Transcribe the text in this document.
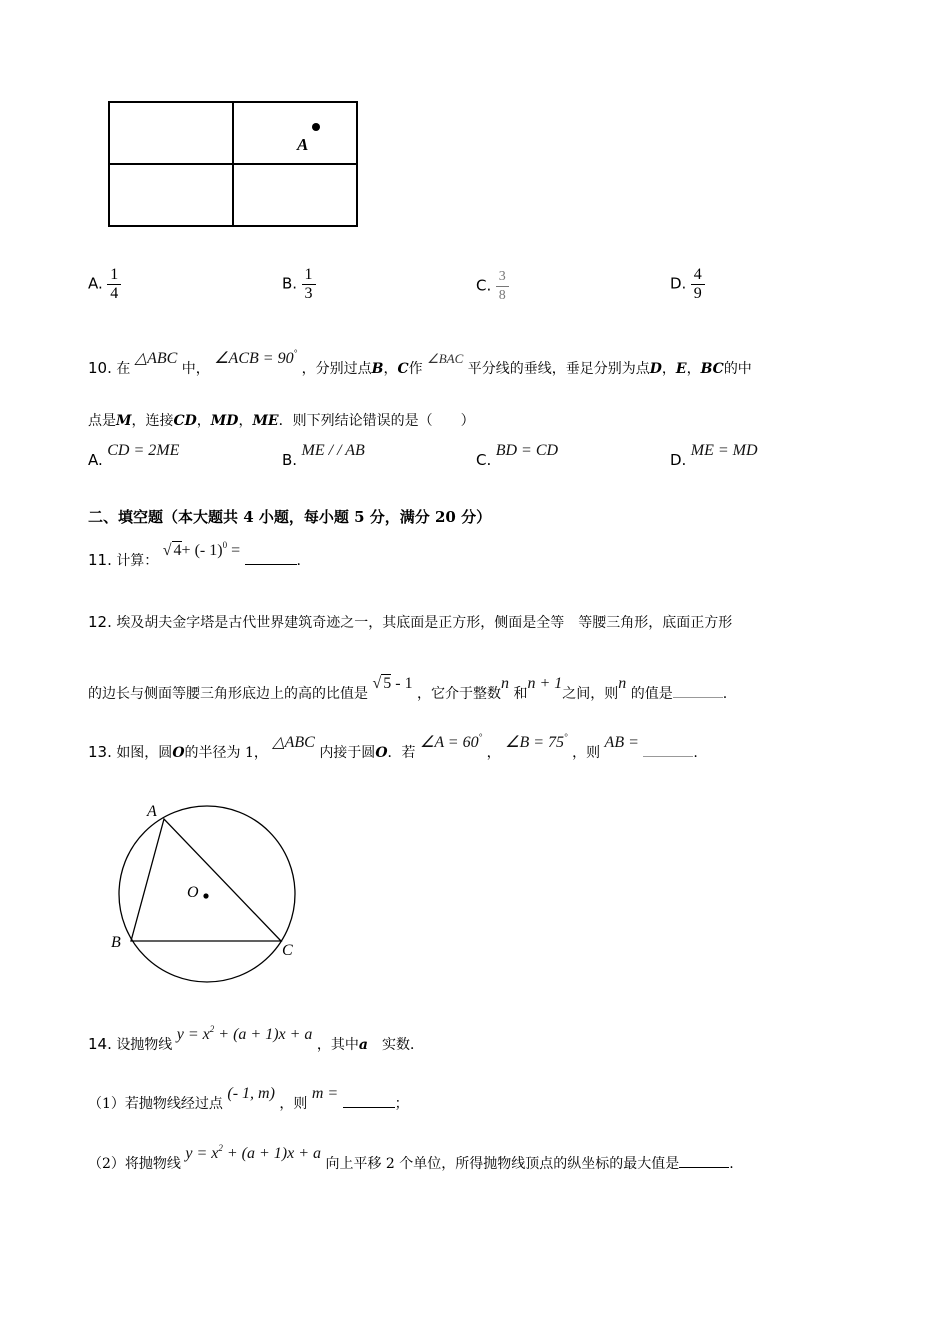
A
A. $\frac{1}{4}$	B. $\frac{1}{3}$	C. $\frac{3}{8}$	D. $\frac{4}{9}$
10. 在 △ABC 中， ∠ACB = 90° ，分别过点B，C作 ∠BAC 平分线的垂线，垂足分别为点D，E，BC的中
点是M，连接CD，MD，ME．则下列结论错误的是（　　）
A. CD = 2ME
B. ME / / AB
C. BD = CD
D. ME = MD
二、填空题（本大题共 4 小题，每小题 5 分，满分 20 分）
11. 计算： √ 4+ (- 1)$^0$ = .
12. 埃及胡夫金字塔是古代世界建筑奇迹之一，其底面是正方形，侧面是全等　等腰三角形，底面正方形
的边长与侧面等腰三角形底边上的高的比值是 √ 5 - 1 ，它介于整数n 和n + 1之间，则n 的值是	.
13. 如图，圆O的半径为 1， △ABC 内接于圆O．若 ∠A = 60° ， ∠B = 75° ，则 AB = .
A
B	C
O
14. 设抛物线 $y = x^2 + (a + 1)x + a$ ，其中a　实数．
（1）若抛物线经过点 (- 1, m) ，则 m = ；
（2）将抛物线 $y = x^2 + (a + 1)x + a$ 向上平移 2 个单位，所得抛物线顶点的纵坐标的最大值是	.
